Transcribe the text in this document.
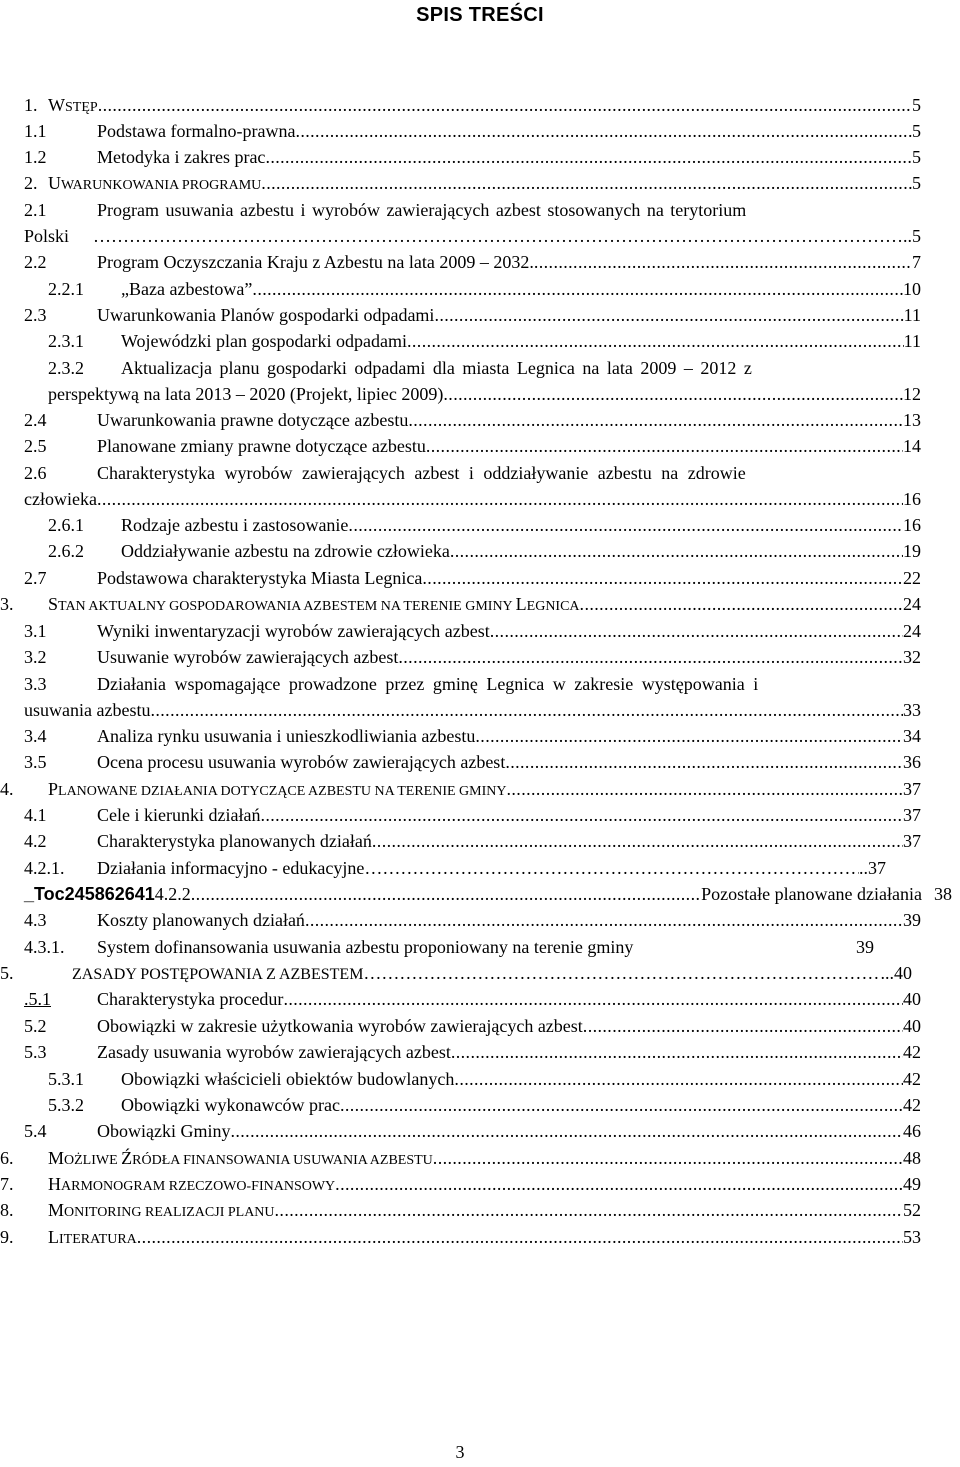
SPIS TREŚCI
1. WSTĘP .....	5
1.1	Podstawa formalno-prawna .....	5
1.2	Metodyka i zakres prac .....	5
2. UWARUNKOWANIA PROGRAMU .....	5
2.1	Program usuwania azbestu i wyrobów zawierających azbest stosowanych na terytorium
Polski …………………………………………………………………………………………………………………………………………………………………………	..5
2.2	Program Oczyszczania Kraju z Azbestu na lata 2009 – 2032. .....	7
2.2.1	„Baza azbestowa” .....	10
2.3	Uwarunkowania Planów gospodarki odpadami .....	11
2.3.1	Wojewódzki plan gospodarki odpadami .....	11
2.3.2	Aktualizacja planu gospodarki odpadami dla miasta Legnica na lata 2009 – 2012 z
perspektywą na lata 2013 – 2020 (Projekt, lipiec 2009) .....	12
2.4	Uwarunkowania prawne dotyczące azbestu .....	13
2.5	Planowane zmiany prawne dotyczące azbestu .....	14
2.6	Charakterystyka wyrobów zawierających azbest i oddziaływanie azbestu na zdrowie
człowieka .....	16
2.6.1	Rodzaje azbestu i zastosowanie .....	16
2.6.2	Oddziaływanie azbestu na zdrowie człowieka .....	19
2.7	Podstawowa charakterystyka Miasta Legnica .....	22
3.	STAN AKTUALNY GOSPODAROWANIA AZBESTEM NA TERENIE GMINY LEGNICA .....	24
3.1	Wyniki inwentaryzacji wyrobów zawierających azbest .....	24
3.2	Usuwanie wyrobów zawierających azbest .....	32
3.3	Działania wspomagające prowadzone przez gminę Legnica w zakresie występowania i
usuwania azbestu .....	33
3.4	Analiza rynku usuwania i unieszkodliwiania azbestu .....	34
3.5	Ocena procesu usuwania wyrobów zawierających azbest .....	36
4.	PLANOWANE DZIAŁANIA DOTYCZĄCE AZBESTU NA TERENIE GMINY .....	37
4.1	Cele i kierunki działań .....	37
4.2	Charakterystyka planowanych działań .....	37
4.2.1.	Działania informacyjno - edukacyjne …………………………………………………………………………………………………………………………………………………………………………	..37
_Toc245862641 4.2.2 .....	Pozostałe planowane działania 38
4.3	Koszty planowanych działań .....	39
4.3.1.	System dofinansowania usuwania azbestu proponiowany na terenie gminy	39
5.	ZASADY POSTĘPOWANIA Z AZBESTEM …………………………………………………………………………………………………………………………………………………………………………	...40
.5.1	Charakterystyka procedur .....	40
5.2	Obowiązki w zakresie użytkowania wyrobów zawierających azbest .....	40
5.3	Zasady usuwania wyrobów zawierających azbest .....	42
5.3.1	Obowiązki właścicieli obiektów budowlanych .....	42
5.3.2	Obowiązki wykonawców prac .....	42
5.4	Obowiązki Gminy .....	46
6.	MOŻLIWE ŹRÓDŁA FINANSOWANIA USUWANIA AZBESTU .....	48
7.	HARMONOGRAM RZECZOWO-FINANSOWY .....	49
8.	MONITORING REALIZACJI PLANU .....	52
9.	LITERATURA .....	53
3
